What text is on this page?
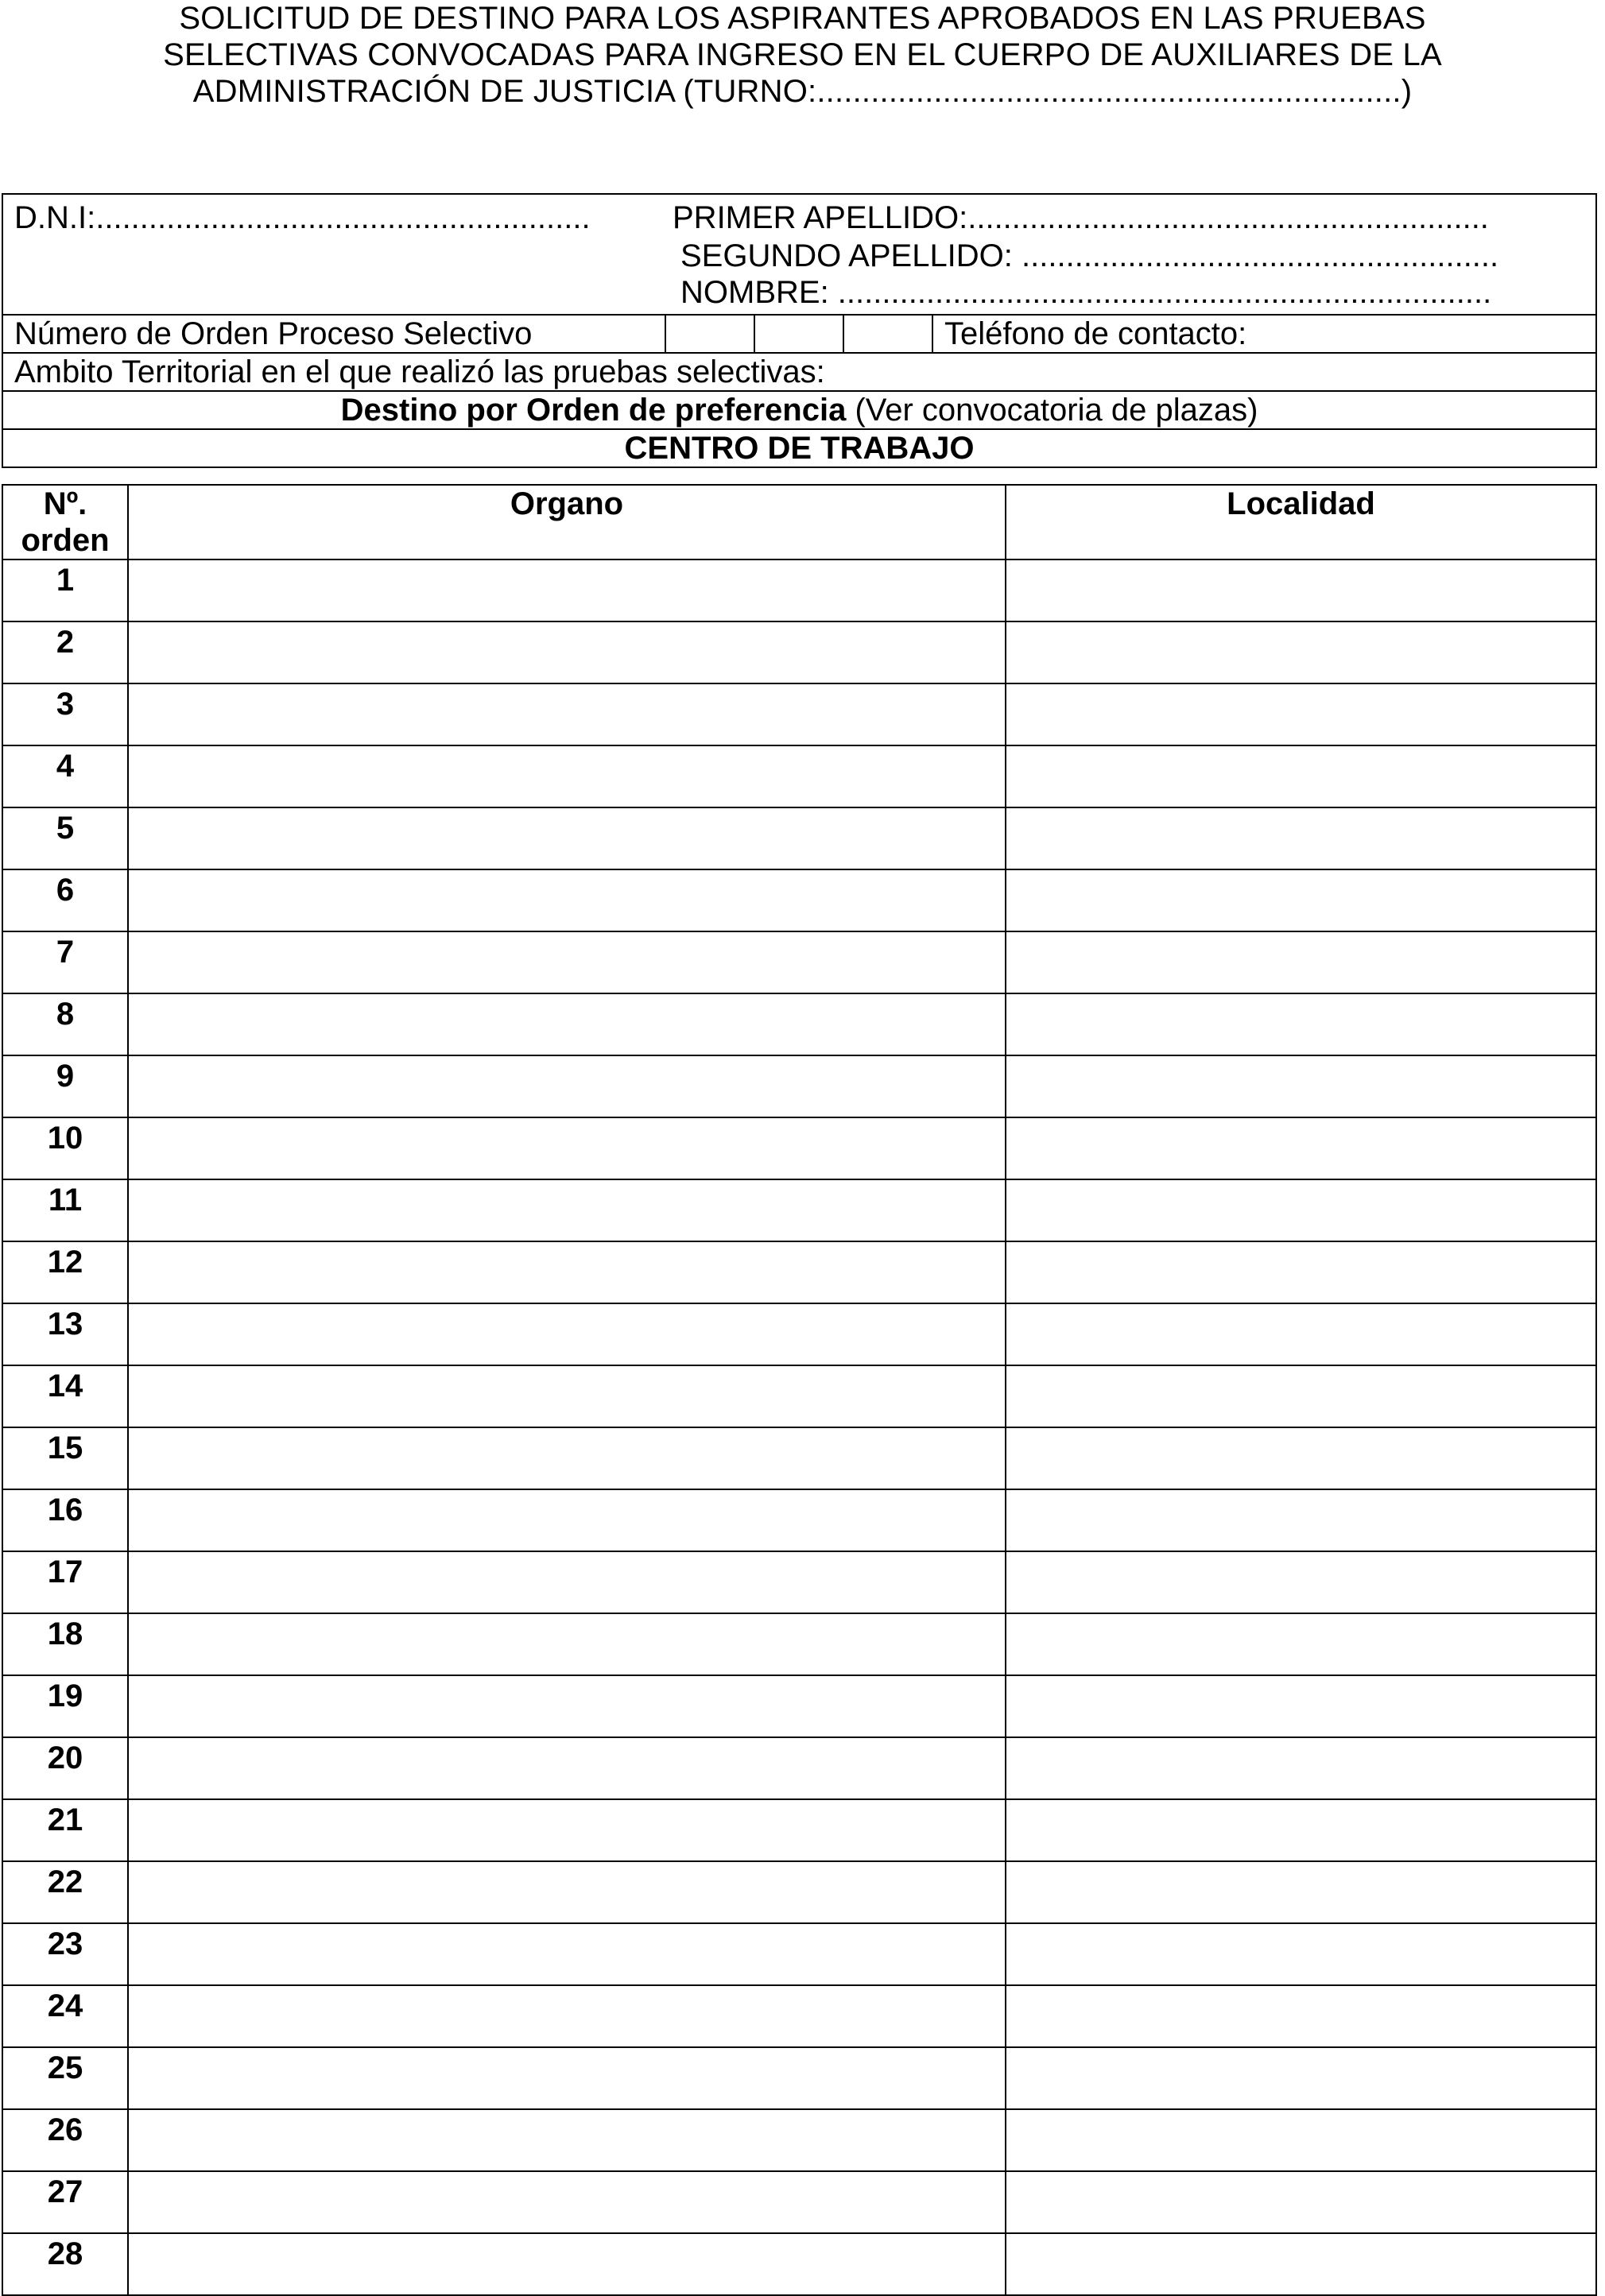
SOLICITUD DE DESTINO PARA LOS ASPIRANTES APROBADOS EN LAS PRUEBAS
SELECTIVAS CONVOCADAS PARA INGRESO EN EL CUERPO DE AUXILIARES DE LA
ADMINISTRACIÓN DE JUSTICIA (TURNO:.................................................................)
D.N.I:........................................................	PRIMER APELLIDO:...........................................................
SEGUNDO APELLIDO: ......................................................
NOMBRE: ..........................................................................

Número de Orden Proceso Selectivo				Teléfono de contacto:
Ambito Territorial en el que realizó las pruebas selectivas:
Destino por Orden de preferencia (Ver convocatoria de plazas)
CENTRO DE TRABAJO
Nº.
orden	Organo	Localidad
1		
2		
3		
4		
5		
6		
7		
8		
9		
10		
11		
12		
13		
14		
15		
16		
17		
18		
19		
20		
21		
22		
23		
24		
25		
26		
27		
28		
